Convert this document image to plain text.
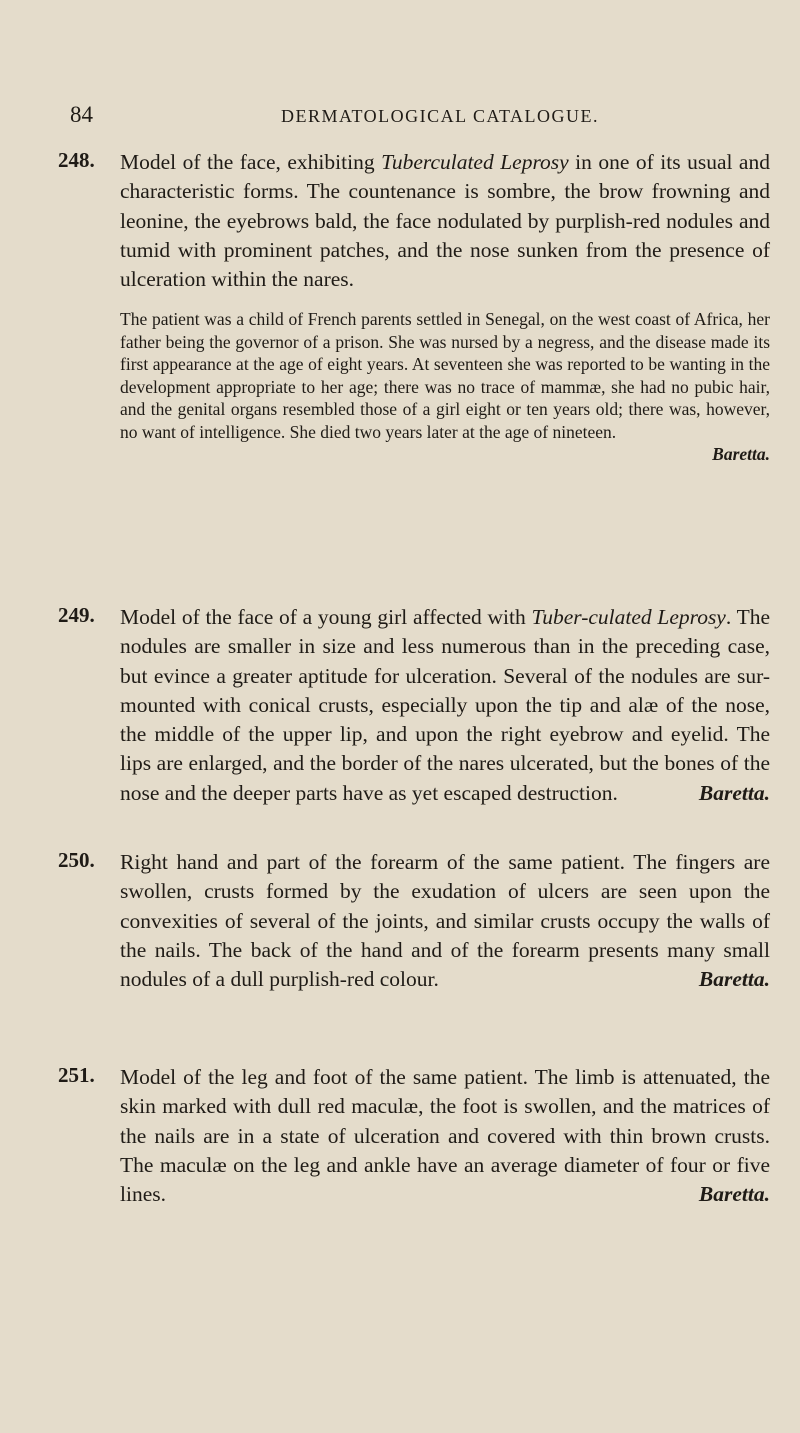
84	DERMATOLOGICAL CATALOGUE.
248. Model of the face, exhibiting Tuberculated Leprosy in one of its usual and characteristic forms. The countenance is sombre, the brow frowning and leonine, the eyebrows bald, the face nodulated by purplish-red nodules and tumid with prominent patches, and the nose sunken from the presence of ulceration within the nares.

The patient was a child of French parents settled in Senegal, on the west coast of Africa, her father being the governor of a prison. She was nursed by a negress, and the disease made its first appearance at the age of eight years. At seventeen she was reported to be wanting in the development appropriate to her age; there was no trace of mammæ, she had no pubic hair, and the genital organs resembled those of a girl eight or ten years old; there was, however, no want of intelligence. She died two years later at the age of nineteen.
Baretta.

249. Model of the face of a young girl affected with Tuber-culated Leprosy. The nodules are smaller in size and less numerous than in the preceding case, but evince a greater aptitude for ulceration. Several of the nodules are sur-mounted with conical crusts, especially upon the tip and alæ of the nose, the middle of the upper lip, and upon the right eyebrow and eyelid. The lips are enlarged, and the border of the nares ulcerated, but the bones of the nose and the deeper parts have as yet escaped destruction.	Baretta.

250. Right hand and part of the forearm of the same patient. The fingers are swollen, crusts formed by the exudation of ulcers are seen upon the convexities of several of the joints, and similar crusts occupy the walls of the nails. The back of the hand and of the forearm presents many small nodules of a dull purplish-red colour.	Baretta.

251. Model of the leg and foot of the same patient. The limb is attenuated, the skin marked with dull red maculæ, the foot is swollen, and the matrices of the nails are in a state of ulceration and covered with thin brown crusts. The maculæ on the leg and ankle have an average diameter of four or five lines.	Baretta.
